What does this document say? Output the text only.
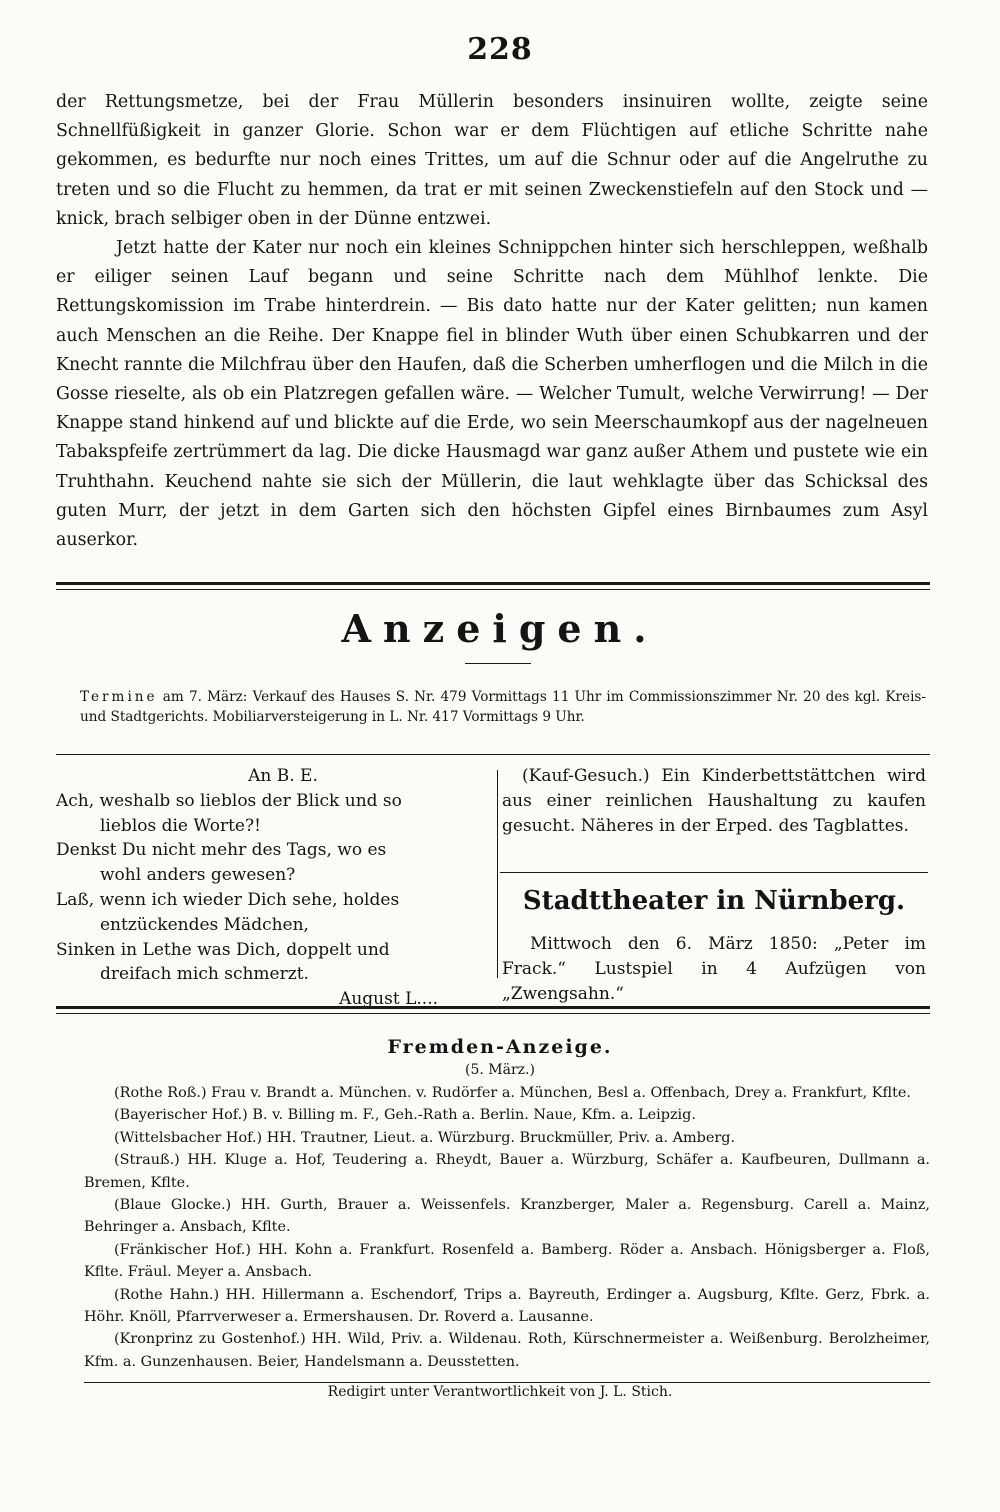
228

der Rettungsmetze, bei der Frau Müllerin besonders insinuiren wollte, zeigte seine Schnellfüßigkeit in ganzer Glorie. Schon war er dem Flüchtigen auf etliche Schritte nahe gekommen, es bedurfte nur noch eines Trittes, um auf die Schnur oder auf die Angelruthe zu treten und so die Flucht zu hemmen, da trat er mit seinen Zweckenstiefeln auf den Stock und — knick, brach selbiger oben in der Dünne entzwei.

Jetzt hatte der Kater nur noch ein kleines Schnippchen hinter sich herschleppen, weßhalb er eiliger seinen Lauf begann und seine Schritte nach dem Mühlhof lenkte. Die Rettungskomission im Trabe hinterdrein. — Bis dato hatte nur der Kater gelitten; nun kamen auch Menschen an die Reihe. Der Knappe fiel in blinder Wuth über einen Schubkarren und der Knecht rannte die Milchfrau über den Haufen, daß die Scherben umherflogen und die Milch in die Gosse rieselte, als ob ein Platzregen gefallen wäre. — Welcher Tumult, welche Verwirrung! — Der Knappe stand hinkend auf und blickte auf die Erde, wo sein Meerschaumkopf aus der nagelneuen Tabakspfeife zertrümmert da lag. Die dicke Hausmagd war ganz außer Athem und pustete wie ein Truhthahn. Keuchend nahte sie sich der Müllerin, die laut wehklagte über das Schicksal des guten Murr, der jetzt in dem Garten sich den höchsten Gipfel eines Birnbaumes zum Asyl auserkor.

Anzeigen.

Termine am 7. März: Verkauf des Hauses S. Nr. 479 Vormittags 11 Uhr im Commissionszimmer Nr. 20 des kgl. Kreis- und Stadtgerichts. Mobiliarversteigerung in L. Nr. 417 Vormittags 9 Uhr.

An B. E.
Ach, weshalb so lieblos der Blick und so
lieblos die Worte?!
Denkst Du nicht mehr des Tags, wo es
wohl anders gewesen?
Laß, wenn ich wieder Dich sehe, holdes
entzückendes Mädchen,
Sinken in Lethe was Dich, doppelt und
dreifach mich schmerzt.
August L....

(Kauf-Gesuch.) Ein Kinderbettstättchen wird aus einer reinlichen Haushaltung zu kaufen gesucht. Näheres in der Erped. des Tagblattes.

Stadttheater in Nürnberg.

Mittwoch den 6. März 1850: „Peter im Frack.“ Lustspiel in 4 Aufzügen von „Zwengsahn.“

Fremden-Anzeige.
(5. März.)

(Rothe Roß.) Frau v. Brandt a. München. v. Rudörfer a. München, Besl a. Offenbach, Drey a. Frankfurt, Kflte.

(Bayerischer Hof.) B. v. Billing m. F., Geh.-Rath a. Berlin. Naue, Kfm. a. Leipzig.

(Wittelsbacher Hof.) HH. Trautner, Lieut. a. Würzburg. Bruckmüller, Priv. a. Amberg.

(Strauß.) HH. Kluge a. Hof, Teudering a. Rheydt, Bauer a. Würzburg, Schäfer a. Kaufbeuren, Dullmann a. Bremen, Kflte.

(Blaue Glocke.) HH. Gurth, Brauer a. Weissenfels. Kranzberger, Maler a. Regensburg. Carell a. Mainz, Behringer a. Ansbach, Kflte.

(Fränkischer Hof.) HH. Kohn a. Frankfurt. Rosenfeld a. Bamberg. Röder a. Ansbach. Hönigsberger a. Floß, Kflte. Fräul. Meyer a. Ansbach.

(Rothe Hahn.) HH. Hillermann a. Eschendorf, Trips a. Bayreuth, Erdinger a. Augsburg, Kflte. Gerz, Fbrk. a. Höhr. Knöll, Pfarrverweser a. Ermershausen. Dr. Roverd a. Lausanne.

(Kronprinz zu Gostenhof.) HH. Wild, Priv. a. Wildenau. Roth, Kürschnermeister a. Weißenburg. Berolzheimer, Kfm. a. Gunzenhausen. Beier, Handelsmann a. Deusstetten.

Redigirt unter Verantwortlichkeit von J. L. Stich.
